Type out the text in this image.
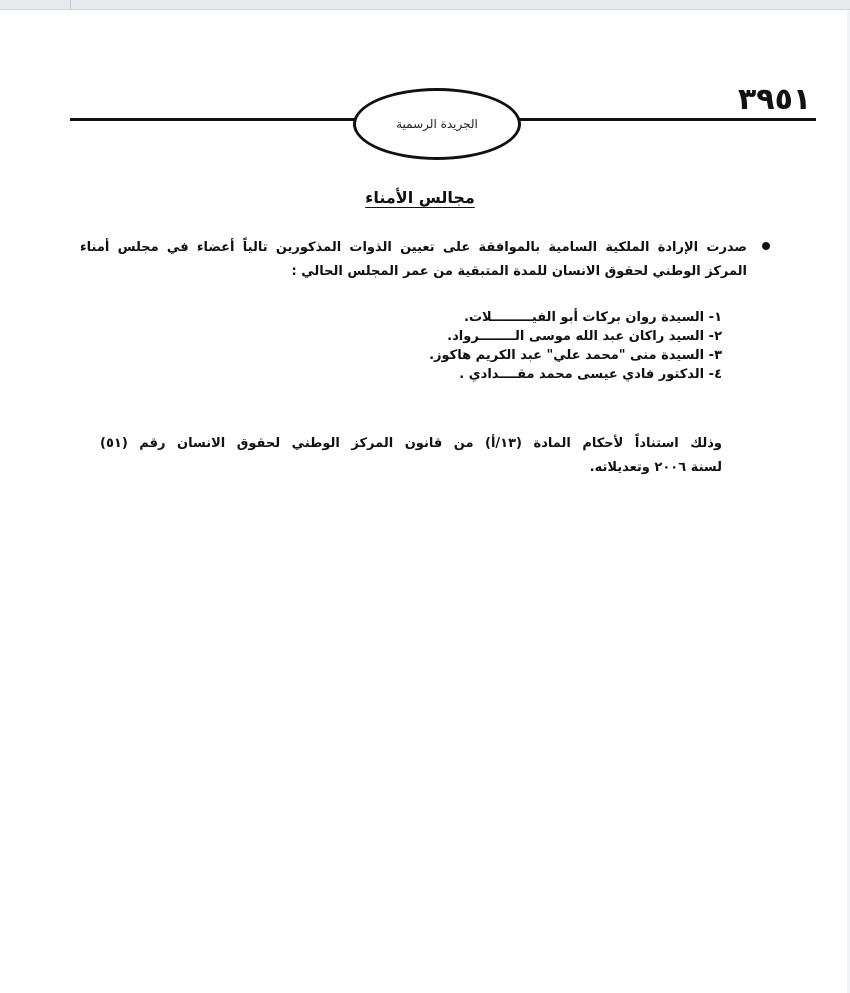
٣٩٥١
الجريدة الرسمية
مجالس الأمناء
صدرت الإرادة الملكية السامية بالموافقة على تعيين الذوات المذكورين تالياً أعضاء في مجلس أمناء
المركز الوطني لحقوق الانسان للمدة المتبقية من عمر المجلس الحالي :
١- السيدة روان بركات أبو الفيـــــــــلات.
٢- السيد راكان عبد الله موسى الــــــــرواد.
٣- السيدة منى "محمد علي" عبد الكريم هاكوز.
٤- الدكتور فادي عيسى محمد مقــــدادي .
وذلك استناداً لأحكام المادة (١٣/أ) من قانون المركز الوطني لحقوق الانسان رقم (٥١)
لسنة ٢٠٠٦ وتعديلاته.
